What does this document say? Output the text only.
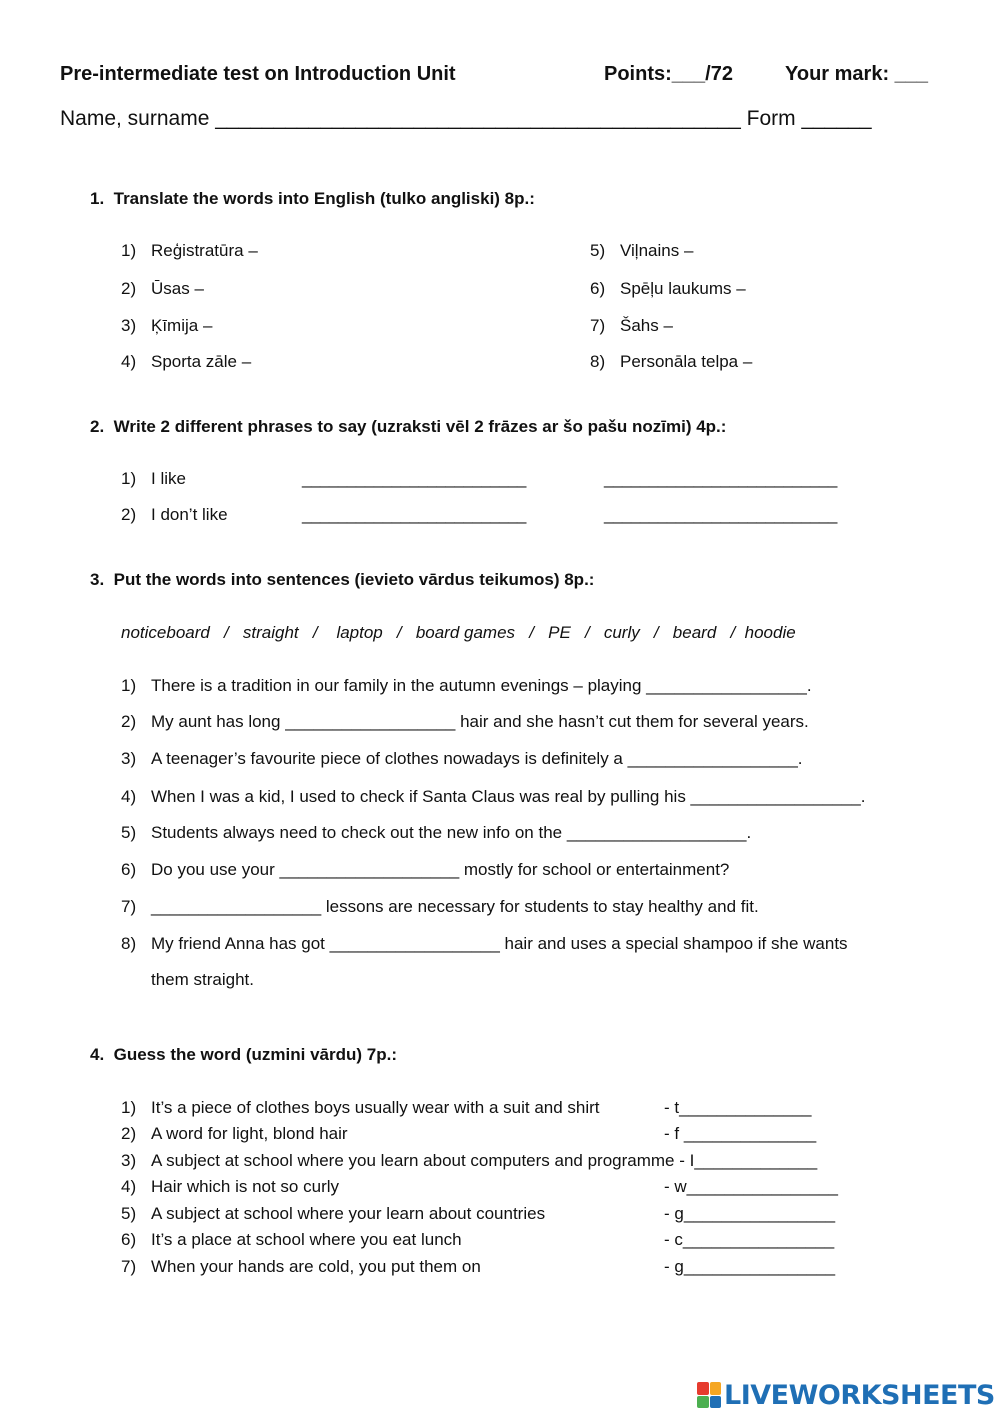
Pre-intermediate test on Introduction Unit	Points:___/72	Your mark: ___
Name, surname _____________________________________________ Form ______
1.  Translate the words into English (tulko angliski) 8p.:
1) Reģistratūra –
2) Ūsas –
3) Ķīmija –
4) Sporta zāle –
5) Viļnains –
6) Spēļu laukums –
7) Šahs –
8) Personāla telpa –
2.  Write 2 different phrases to say (uzraksti vēl 2 frāzes ar šo pašu nozīmi) 4p.:
1) I like	_________________________	__________________________
2) I don’t like	_________________________	__________________________
3.  Put the words into sentences (ievieto vārdus teikumos) 8p.:
noticeboard   /   straight   /    laptop   /   board games   /   PE   /   curly   /   beard   /  hoodie
1) There is a tradition in our family in the autumn evenings – playing _________________.
2) My aunt has long __________________ hair and she hasn’t cut them for several years.
3) A teenager’s favourite piece of clothes nowadays is definitely a __________________.
4) When I was a kid, I used to check if Santa Claus was real by pulling his __________________.
5) Students always need to check out the new info on the ___________________.
6) Do you use your ___________________ mostly for school or entertainment?
7) __________________ lessons are necessary for students to stay healthy and fit.
8) My friend Anna has got __________________ hair and uses a special shampoo if she wants
them straight.
4.  Guess the word (uzmini vārdu) 7p.:
1) It’s a piece of clothes boys usually wear with a suit and shirt	- t______________
2) A word for light, blond hair	- f ______________
3) A subject at school where you learn about computers and programme - I_____________
4) Hair which is not so curly	- w________________
5) A subject at school where your learn about countries	- g________________
6) It’s a place at school where you eat lunch	- c________________
7) When your hands are cold, you put them on	- g________________
LIVEWORKSHEETS
